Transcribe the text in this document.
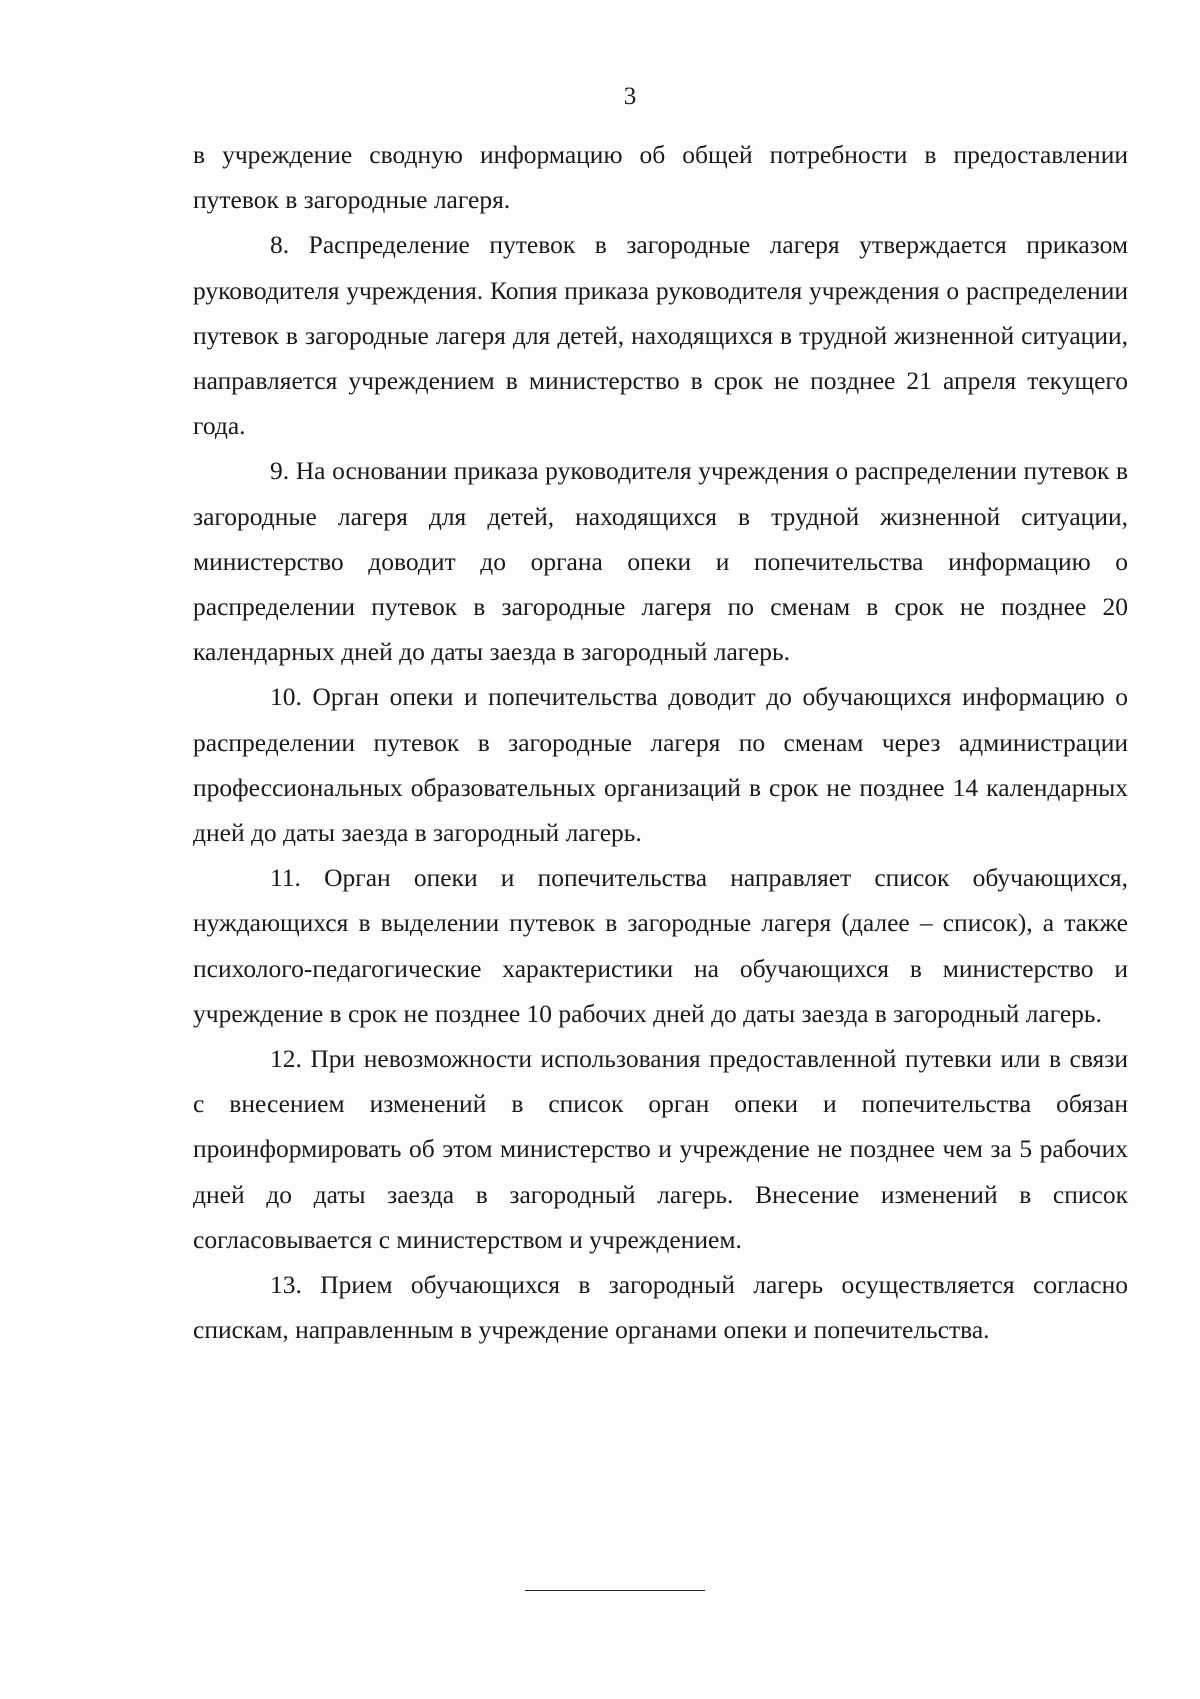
3

в учреждение сводную информацию об общей потребности в предоставлении путевок в загородные лагеря.

8. Распределение путевок в загородные лагеря утверждается приказом руководителя учреждения. Копия приказа руководителя учреждения о распределении путевок в загородные лагеря для детей, находящихся в трудной жизненной ситуации, направляется учреждением в министерство в срок не позднее 21 апреля текущего года.

9. На основании приказа руководителя учреждения о распределении путевок в загородные лагеря для детей, находящихся в трудной жизненной ситуации, министерство доводит до органа опеки и попечительства информацию о распределении путевок в загородные лагеря по сменам в срок не позднее 20 календарных дней до даты заезда в загородный лагерь.

10. Орган опеки и попечительства доводит до обучающихся информацию о распределении путевок в загородные лагеря по сменам через администрации профессиональных образовательных организаций в срок не позднее 14 календарных дней до даты заезда в загородный лагерь.

11. Орган опеки и попечительства направляет список обучающихся, нуждающихся в выделении путевок в загородные лагеря (далее – список), а также психолого-педагогические характеристики на обучающихся в министерство и учреждение в срок не позднее 10 рабочих дней до даты заезда в загородный лагерь.

12. При невозможности использования предоставленной путевки или в связи с внесением изменений в список орган опеки и попечительства обязан проинформировать об этом министерство и учреждение не позднее чем за 5 рабочих дней до даты заезда в загородный лагерь. Внесение изменений в список согласовывается с министерством и учреждением.

13. Прием обучающихся в загородный лагерь осуществляется согласно спискам, направленным в учреждение органами опеки и попечительства.
